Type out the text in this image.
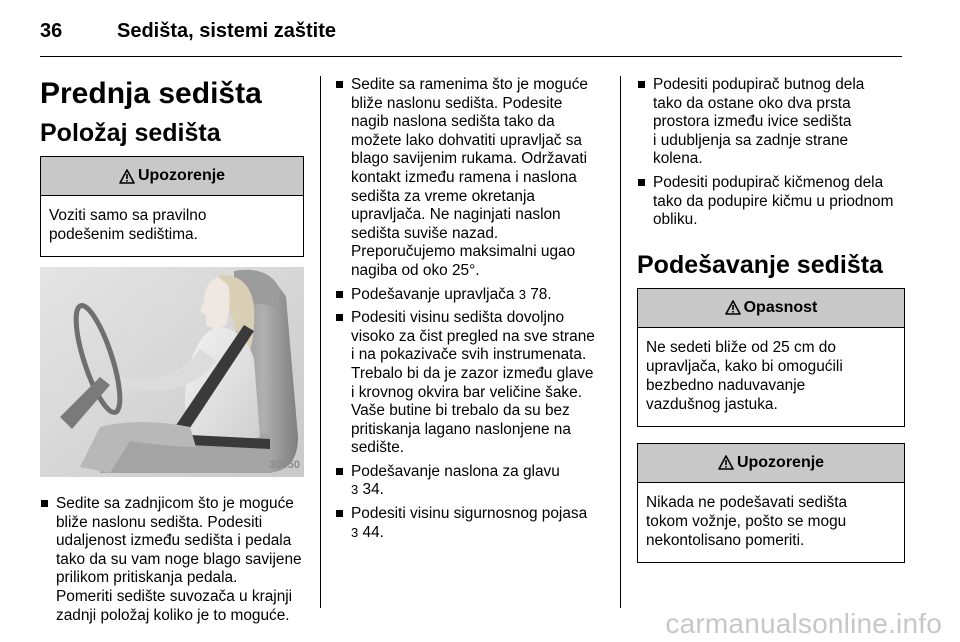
36	Sedišta, sistemi zaštite
Prednja sedišta
Položaj sedišta
Upozorenje
Voziti samo sa pravilno
podešenim sedištima.
30050
Sedite sa zadnjicom što je moguće
bliže naslonu sedišta. Podesiti
udaljenost između sedišta i pedala
tako da su vam noge blago savijene
prilikom pritiskanja pedala.
Pomeriti sedište suvozača u krajnji
zadnji položaj koliko je to moguće.
Sedite sa ramenima što je moguće
bliže naslonu sedišta. Podesite
nagib naslona sedišta tako da
možete lako dohvatiti upravljač sa
blago savijenim rukama. Održavati
kontakt između ramena i naslona
sedišta za vreme okretanja
upravljača. Ne naginjati naslon
sedišta suviše nazad.
Preporučujemo maksimalni ugao
nagiba od oko 25°.
Podešavanje upravljača 3 78.
Podesiti visinu sedišta dovoljno
visoko za čist pregled na sve strane
i na pokazivače svih instrumenata.
Trebalo bi da je zazor između glave
i krovnog okvira bar veličine šake.
Vaše butine bi trebalo da su bez
pritiskanja lagano naslonjene na
sedište.
Podešavanje naslona za glavu
3 34.
Podesiti visinu sigurnosnog pojasa
3 44.
Podesiti podupirač butnog dela
tako da ostane oko dva prsta
prostora između ivice sedišta
i udubljenja sa zadnje strane
kolena.
Podesiti podupirač kičmenog dela
tako da podupire kičmu u priodnom
obliku.
Podešavanje sedišta
Opasnost
Ne sedeti bliže od 25 cm do
upravljača, kako bi omogućili
bezbedno naduvavanje
vazdušnog jastuka.
Upozorenje
Nikada ne podešavati sedišta
tokom vožnje, pošto se mogu
nekontolisano pomeriti.
carmanualsonline.info
